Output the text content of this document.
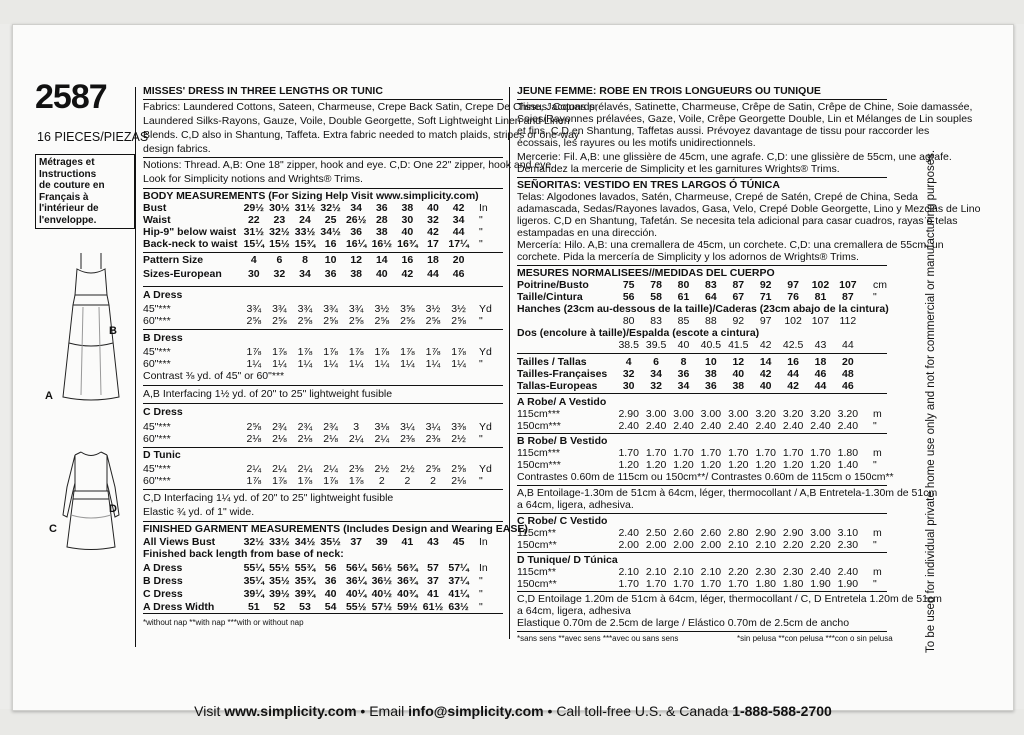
2587
16 PIECES/PIEZAS
Métrages et Instructions
de couture en Français à
l'intérieur de
l'enveloppe.
B
A
D
C
MISSES' DRESS IN THREE LENGTHS OR TUNIC
Fabrics: Laundered Cottons, Sateen, Charmeuse, Crepe Back Satin, Crepe De Chine, Jacquards,
Laundered Silks-Rayons, Gauze, Voile, Double Georgette, Soft Lightweight Linen and Linen
Blends. C,D also in Shantung, Taffeta. Extra fabric needed to match plaids, stripes or one-way
design fabrics.
Notions: Thread. A,B: One 18" zipper, hook and eye. C,D: One 22" zipper, hook and eye.
Look for Simplicity notions and Wrights® Trims.
BODY MEASUREMENTS (For Sizing Help Visit www.simplicity.com)
Bust	29½ 30½ 31½ 32½ 34	36	38	40	42	In
Waist	22	23	24	25 26½ 28	30	32	34	"
Hip-9" below waist 31½ 32½ 33½ 34½ 36	38	40	42	44	"
Back-neck to waist 15¼ 15½ 15¾ 16 16¼ 16½ 16¾ 17 17¼ "
Pattern Size	4	6	8	10	12	14	16	18	20
Sizes-European	30	32	34	36	38	40	42	44	46
A Dress
45"***	3¾	3¾	3¾	3¾	3¾	3½	3⅝	3½	3½	Yd
60"***	2⅝	2⅝	2⅝	2⅝	2⅝	2⅝	2⅝	2⅝	2⅝	"
B Dress
45"***	1⅞	1⅞	1⅞	1⅞	1⅞	1⅞	1⅞	1⅞	1⅞	Yd
60"***	1¼	1¼	1¼	1¼	1¼	1¼	1¼	1¼	1¼	"
Contrast ⅜ yd. of 45" or 60"***
A,B Interfacing 1½ yd. of 20" to 25" lightweight fusible
C Dress
45"***	2⅝	2¾	2¾	2¾	3	3⅛	3¼	3¼	3⅜	Yd
60"***	2⅛	2⅛	2⅛	2⅛	2¼	2¼	2⅜	2⅜	2½	"
D Tunic
45"***	2¼	2¼	2¼	2¼	2⅜	2½	2½	2⅝	2⅝	Yd
60"***	1⅞	1⅞	1⅞	1⅞	1⅞	2	2	2	2⅛	"
C,D Interfacing 1¼ yd. of 20" to 25" lightweight fusible
Elastic ¾ yd. of 1" wide.
FINISHED GARMENT MEASUREMENTS (Includes Design and Wearing EASE)
All Views Bust	32½ 33½ 34½ 35½ 37	39	41	43	45	In
Finished back length from base of neck:
A Dress	55¼ 55½ 55¾ 56 56¼ 56½ 56¾ 57 57¼ In
B Dress	35¼ 35½ 35¾ 36 36¼ 36½ 36¾ 37 37¼ "
C Dress	39¼ 39½ 39¾ 40 40¼ 40½ 40¾ 41 41¼ "
A Dress Width	51	52	53	54 55½ 57½ 59½ 61½ 63½ "
*without nap **with nap ***with or without nap
JEUNE FEMME: ROBE EN TROIS LONGUEURS OU TUNIQUE
Tissus: Cotons prélavés, Satinette, Charmeuse, Crêpe de Satin, Crêpe de Chine, Soie damassée,
Soies/Rayonnes prélavées, Gaze, Voile, Crêpe Georgette Double, Lin et Mélanges de Lin souples
et fins. C,D en Shantung, Taffetas aussi. Prévoyez davantage de tissu pour raccorder les
écossais, les rayures ou les motifs unidirectionnels.
Mercerie: Fil. A,B: une glissière de 45cm, une agrafe. C,D: une glissière de 55cm, une agrafe.
Demandez la mercerie de Simplicity et les garnitures Wrights® Trims.
SEÑORITAS: VESTIDO EN TRES LARGOS Ó TÚNICA
Telas: Algodones lavados, Satén, Charmeuse, Crepé de Satén, Crepé de China, Seda
adamascada, Sedas/Rayones lavados, Gasa, Velo, Crepé Doble Georgette, Lino y Mezclas de Lino
ligeros. C,D en Shantung, Tafetán. Se necesita tela adicional para casar cuadros, rayas o telas
estampadas en una dirección.
Mercería: Hilo. A,B: una cremallera de 45cm, un corchete. C,D: una cremallera de 55cm, un
corchete. Pida la mercería de Simplicity y los adornos de Wrights® Trims.
MESURES NORMALISEES//MEDIDAS DEL CUERPO
Poitrine/Busto	75	78	80	83	87	92	97	102 107	cm
Taille/Cintura	56	58	61	64	67	71	76	81	87	"
Hanches (23cm au-dessous de la taille)/Caderas (23cm abajo de la cintura)
80	83	85	88	92	97	102 107 112
Dos (encolure à taille)/Espalda (escote a cintura)
38.5 39.5	40	40.5 41.5	42	42.5	43	44
Tailles / Tallas	4	6	8	10	12	14	16	18	20
Tailles-Françaises	32	34	36	38	40	42	44	46	48
Tallas-Europeas	30	32	34	36	38	40	42	44	46
A Robe/ A Vestido
115cm***	2.90 3.00 3.00 3.00 3.00 3.20 3.20 3.20 3.20	m
150cm***	2.40 2.40 2.40 2.40 2.40 2.40 2.40 2.40 2.40	"
B Robe/ B Vestido
115cm***	1.70 1.70 1.70 1.70 1.70 1.70 1.70 1.70 1.80	m
150cm***	1.20 1.20 1.20 1.20 1.20 1.20 1.20 1.20 1.40	"
Contrastes 0.60m de 115cm ou 150cm**/ Contrastes 0.60m de 115cm o 150cm**
A,B Entoilage-1.30m de 51cm à 64cm, léger, thermocollant / A,B Entretela-1.30m de 51cm
a 64cm, ligera, adhesiva.
C Robe/ C Vestido
115cm**	2.40 2.50 2.60 2.60 2.80 2.90 2.90 3.00 3.10	m
150cm**	2.00 2.00 2.00 2.00 2.10 2.10 2.20 2.20 2.30	"
D Tunique/ D Túnica
115cm**	2.10 2.10 2.10 2.10 2.20 2.30 2.30 2.40 2.40	m
150cm**	1.70 1.70 1.70 1.70 1.70 1.80 1.80 1.90 1.90	"
C,D Entoilage 1.20m de 51cm à 64cm, léger, thermocollant / C, D Entretela 1.20m de 51cm
a 64cm, ligera, adhesiva
Elastique 0.70m de 2.5cm de large / Elástico 0.70m de 2.5cm de ancho
*sans sens **avec sens ***avec ou sans sens	*sin pelusa **con pelusa ***con o sin pelusa
Visit www.simplicity.com • Email info@simplicity.com • Call toll-free U.S. & Canada 1-888-588-2700
To be used for individual private home use only and not for commercial or manufacturing purposes.
